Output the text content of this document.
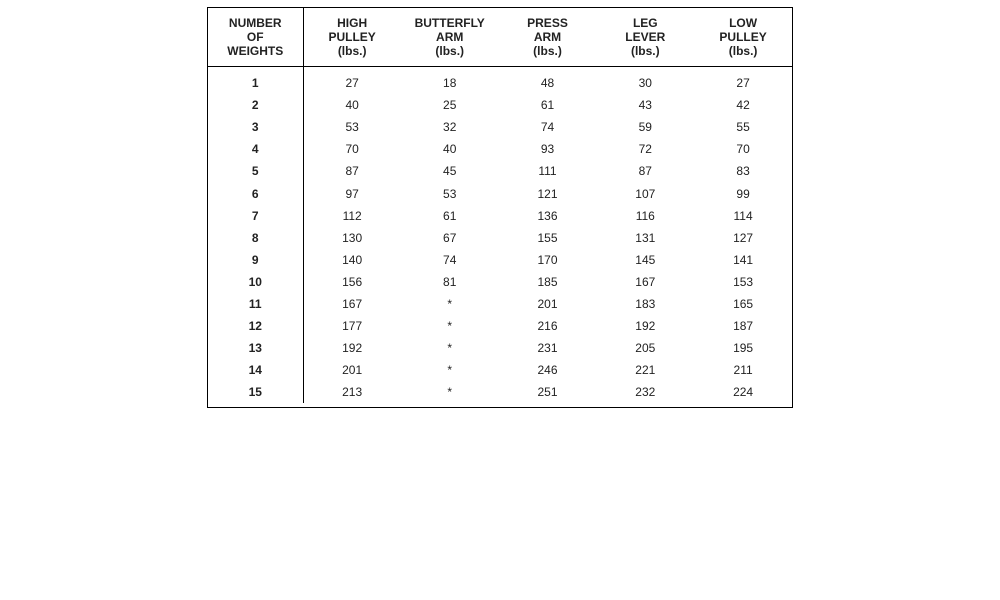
NUMBER
OF
WEIGHTS	HIGH
PULLEY
(lbs.)	BUTTERFLY
ARM
(lbs.)	PRESS
ARM
(lbs.)	LEG
LEVER
(lbs.)	LOW
PULLEY
(lbs.)

1	27	18	48	30	27
2	40	25	61	43	42
3	53	32	74	59	55
4	70	40	93	72	70
5	87	45	111	87	83
6	97	53	121	107	99
7	112	61	136	116	114
8	130	67	155	131	127
9	140	74	170	145	141
10	156	81	185	167	153
11	167	*	201	183	165
12	177	*	216	192	187
13	192	*	231	205	195
14	201	*	246	221	211
15	213	*	251	232	224
